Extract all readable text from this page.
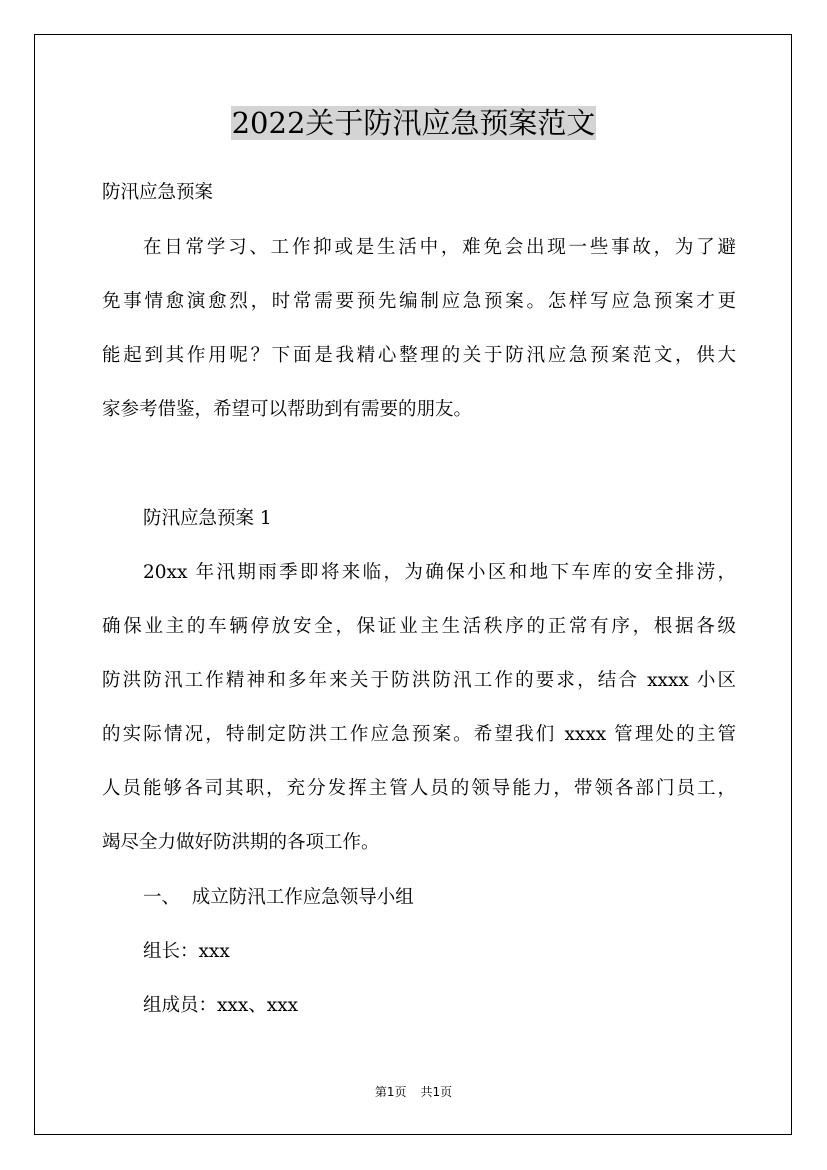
2022关于防汛应急预案范文

防汛应急预案

在日常学习、工作抑或是生活中，难免会出现一些事故，为了避

免事情愈演愈烈，时常需要预先编制应急预案。怎样写应急预案才更

能起到其作用呢？下面是我精心整理的关于防汛应急预案范文，供大

家参考借鉴，希望可以帮助到有需要的朋友。

防汛应急预案 1

20xx 年汛期雨季即将来临，为确保小区和地下车库的安全排涝，

确保业主的车辆停放安全，保证业主生活秩序的正常有序，根据各级

防洪防汛工作精神和多年来关于防洪防汛工作的要求，结合 xxxx 小区

的实际情况，特制定防洪工作应急预案。希望我们 xxxx 管理处的主管

人员能够各司其职，充分发挥主管人员的领导能力，带领各部门员工，

竭尽全力做好防洪期的各项工作。

一、  成立防汛工作应急领导小组

组长：xxx

组成员：xxx、xxx

第1页 共1页
